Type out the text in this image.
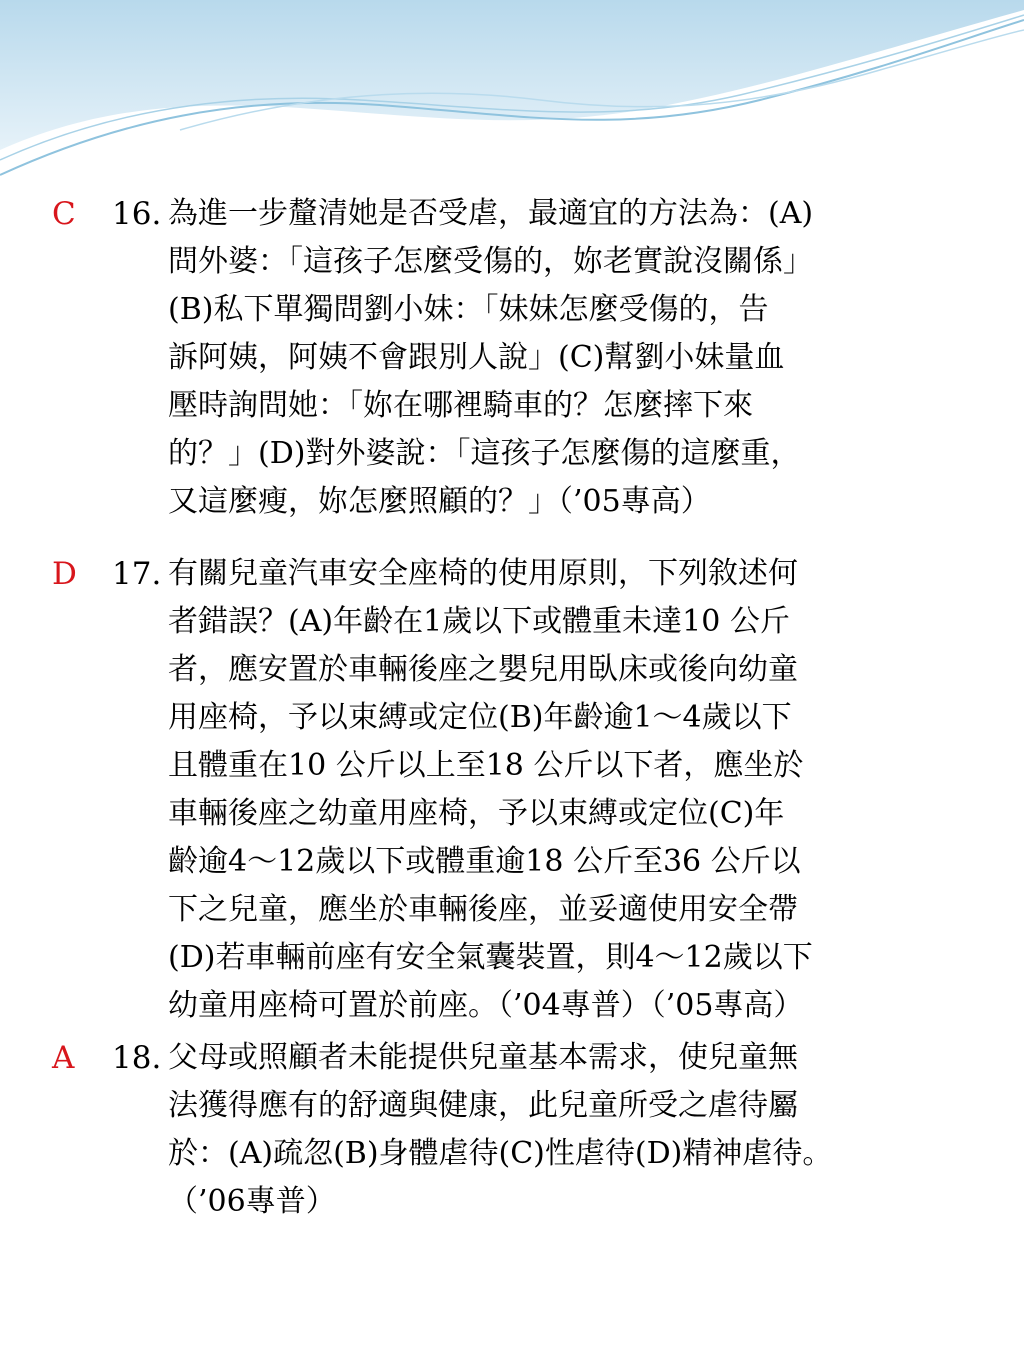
C 16. 為進一步釐清她是否受虐，最適宜的方法為：(A)
問外婆：「這孩子怎麼受傷的，妳老實說沒關係」
(B)私下單獨問劉小妹：「妹妹怎麼受傷的，告
訴阿姨，阿姨不會跟別人說」(C)幫劉小妹量血
壓時詢問她：「妳在哪裡騎車的？怎麼摔下來
的？」(D)對外婆說：「這孩子怎麼傷的這麼重，
又這麼瘦，妳怎麼照顧的？」（’05專高）
D 17. 有關兒童汽車安全座椅的使用原則，下列敘述何
者錯誤？(A)年齡在1歲以下或體重未達10 公斤
者，應安置於車輛後座之嬰兒用臥床或後向幼童
用座椅，予以束縛或定位(B)年齡逾1～4歲以下
且體重在10 公斤以上至18 公斤以下者，應坐於
車輛後座之幼童用座椅，予以束縛或定位(C)年
齡逾4～12歲以下或體重逾18 公斤至36 公斤以
下之兒童，應坐於車輛後座，並妥適使用安全帶
(D)若車輛前座有安全氣囊裝置，則4～12歲以下
幼童用座椅可置於前座。（’04專普）（’05專高）
A 18. 父母或照顧者未能提供兒童基本需求，使兒童無
法獲得應有的舒適與健康，此兒童所受之虐待屬
於：(A)疏忽(B)身體虐待(C)性虐待(D)精神虐待。
（’06專普）
